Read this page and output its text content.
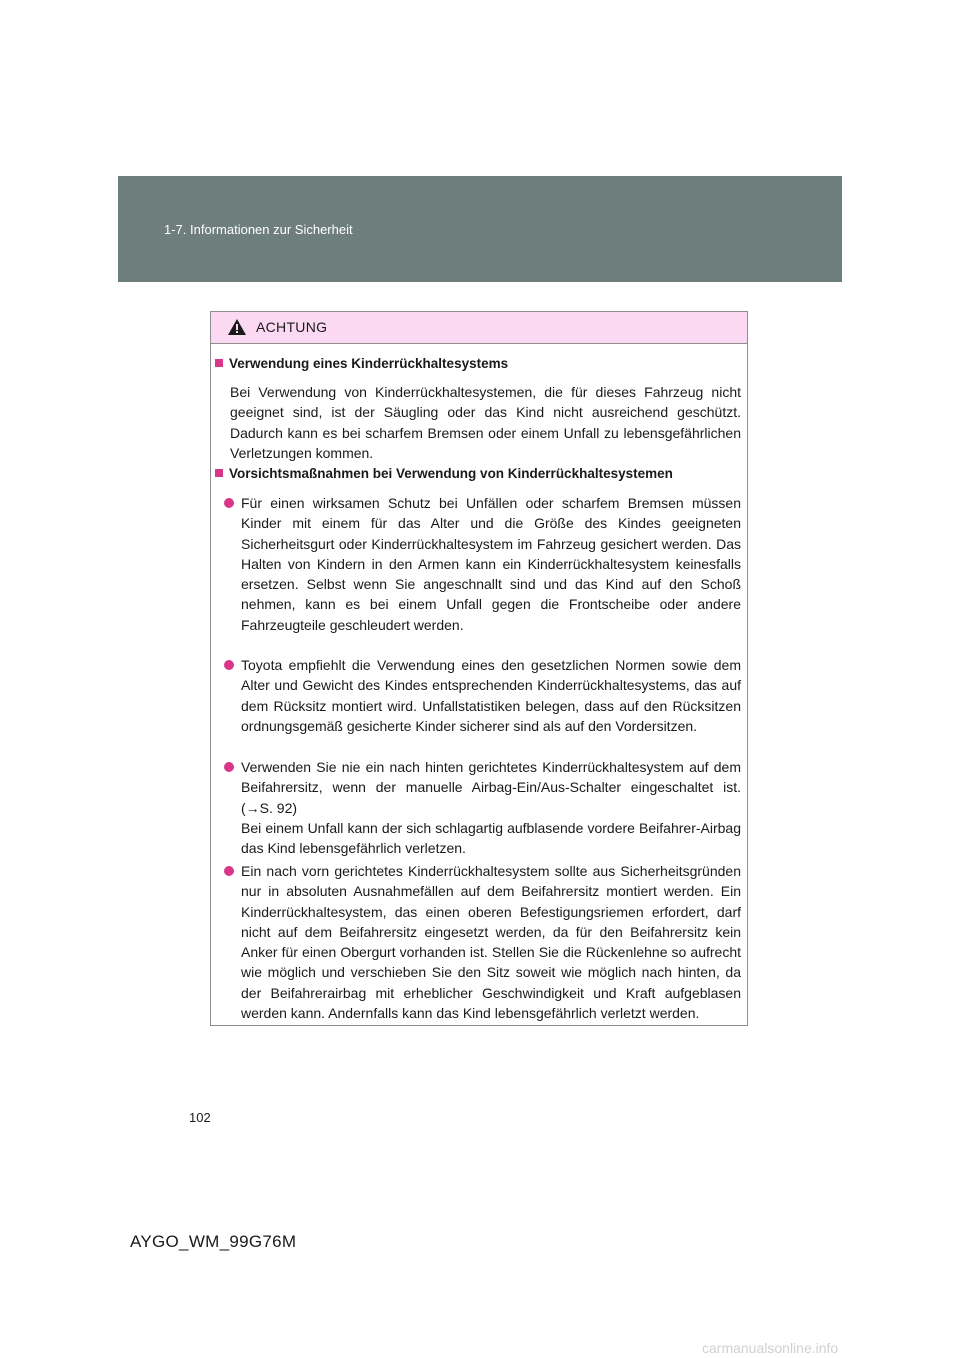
1-7. Informationen zur Sicherheit
ACHTUNG
Verwendung eines Kinderrückhaltesystems

Bei Verwendung von Kinderrückhaltesystemen, die für dieses Fahrzeug nicht geeignet sind, ist der Säugling oder das Kind nicht ausreichend geschützt. Dadurch kann es bei scharfem Bremsen oder einem Unfall zu lebensgefährlichen Verletzungen kommen.

Vorsichtsmaßnahmen bei Verwendung von Kinderrückhaltesystemen
Für einen wirksamen Schutz bei Unfällen oder scharfem Bremsen müssen Kinder mit einem für das Alter und die Größe des Kindes geeigneten Sicherheitsgurt oder Kinderrückhaltesystem im Fahrzeug gesichert werden. Das Halten von Kindern in den Armen kann ein Kinderrückhaltesystem keinesfalls ersetzen. Selbst wenn Sie angeschnallt sind und das Kind auf den Schoß nehmen, kann es bei einem Unfall gegen die Frontscheibe oder andere Fahrzeugteile geschleudert werden.
Toyota empfiehlt die Verwendung eines den gesetzlichen Normen sowie dem Alter und Gewicht des Kindes entsprechenden Kinderrückhaltesystems, das auf dem Rücksitz montiert wird. Unfallstatistiken belegen, dass auf den Rücksitzen ordnungsgemäß gesicherte Kinder sicherer sind als auf den Vordersitzen.
Verwenden Sie nie ein nach hinten gerichtetes Kinderrückhaltesystem auf dem Beifahrersitz, wenn der manuelle Airbag-Ein/Aus-Schalter eingeschaltet ist. (→S. 92)
Bei einem Unfall kann der sich schlagartig aufblasende vordere Beifahrer-Airbag das Kind lebensgefährlich verletzen.
Ein nach vorn gerichtetes Kinderrückhaltesystem sollte aus Sicherheitsgründen nur in absoluten Ausnahmefällen auf dem Beifahrersitz montiert werden. Ein Kinderrückhaltesystem, das einen oberen Befestigungsriemen erfordert, darf nicht auf dem Beifahrersitz eingesetzt werden, da für den Beifahrersitz kein Anker für einen Obergurt vorhanden ist. Stellen Sie die Rückenlehne so aufrecht wie möglich und verschieben Sie den Sitz soweit wie möglich nach hinten, da der Beifahrerairbag mit erheblicher Geschwindigkeit und Kraft aufgeblasen werden kann. Andernfalls kann das Kind lebensgefährlich verletzt werden.
102
AYGO_WM_99G76M
carmanualsonline.info
